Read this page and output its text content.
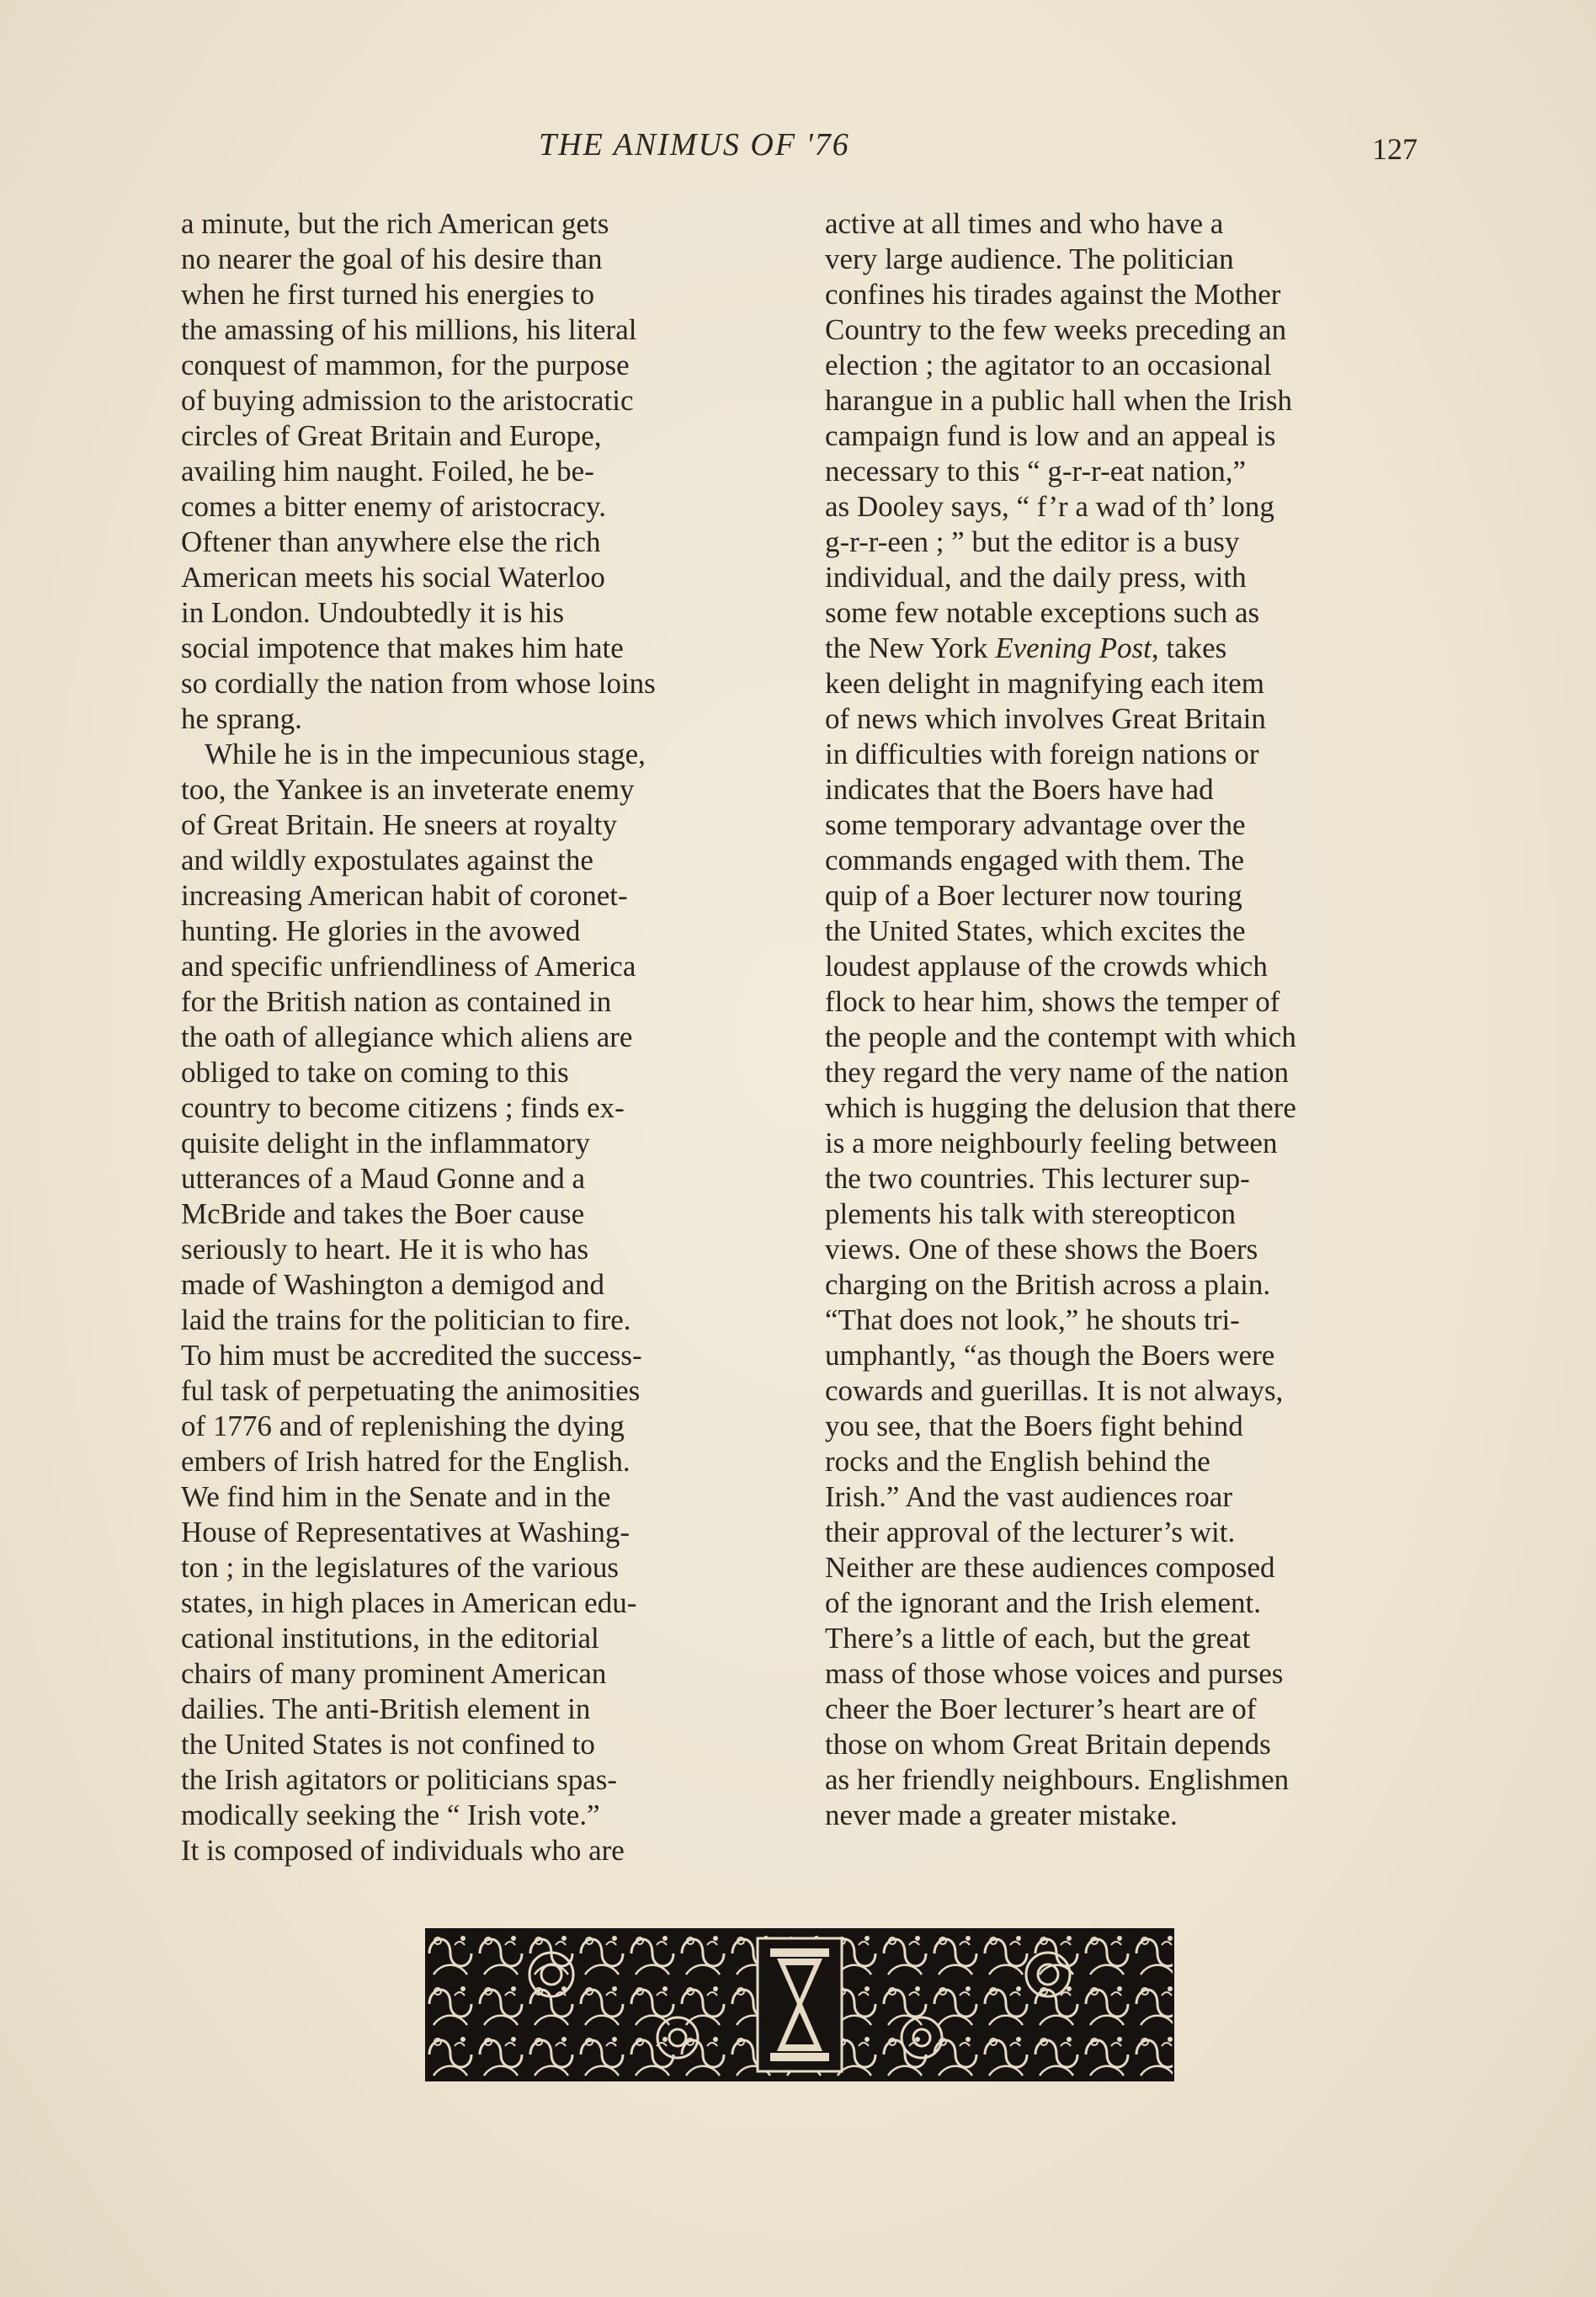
THE ANIMUS OF '76	127
a minute, but the rich American gets
no nearer the goal of his desire than
when he first turned his energies to
the amassing of his millions, his literal
conquest of mammon, for the purpose
of buying admission to the aristocratic
circles of Great Britain and Europe,
availing him naught. Foiled, he be-
comes a bitter enemy of aristocracy.
Oftener than anywhere else the rich
American meets his social Waterloo
in London. Undoubtedly it is his
social impotence that makes him hate
so cordially the nation from whose loins
he sprang.
While he is in the impecunious stage,
too, the Yankee is an inveterate enemy
of Great Britain. He sneers at royalty
and wildly expostulates against the
increasing American habit of coronet-
hunting. He glories in the avowed
and specific unfriendliness of America
for the British nation as contained in
the oath of allegiance which aliens are
obliged to take on coming to this
country to become citizens ; finds ex-
quisite delight in the inflammatory
utterances of a Maud Gonne and a
McBride and takes the Boer cause
seriously to heart. He it is who has
made of Washington a demigod and
laid the trains for the politician to fire.
To him must be accredited the success-
ful task of perpetuating the animosities
of 1776 and of replenishing the dying
embers of Irish hatred for the English.
We find him in the Senate and in the
House of Representatives at Washing-
ton ; in the legislatures of the various
states, in high places in American edu-
cational institutions, in the editorial
chairs of many prominent American
dailies. The anti-British element in
the United States is not confined to
the Irish agitators or politicians spas-
modically seeking the “ Irish vote.”
It is composed of individuals who are
active at all times and who have a
very large audience. The politician
confines his tirades against the Mother
Country to the few weeks preceding an
election ; the agitator to an occasional
harangue in a public hall when the Irish
campaign fund is low and an appeal is
necessary to this “ g-r-r-eat nation,”
as Dooley says, “ f’r a wad of th’ long
g-r-r-een ; ” but the editor is a busy
individual, and the daily press, with
some few notable exceptions such as
the New York Evening Post, takes
keen delight in magnifying each item
of news which involves Great Britain
in difficulties with foreign nations or
indicates that the Boers have had
some temporary advantage over the
commands engaged with them. The
quip of a Boer lecturer now touring
the United States, which excites the
loudest applause of the crowds which
flock to hear him, shows the temper of
the people and the contempt with which
they regard the very name of the nation
which is hugging the delusion that there
is a more neighbourly feeling between
the two countries. This lecturer sup-
plements his talk with stereopticon
views. One of these shows the Boers
charging on the British across a plain.
“That does not look,” he shouts tri-
umphantly, “as though the Boers were
cowards and guerillas. It is not always,
you see, that the Boers fight behind
rocks and the English behind the
Irish.” And the vast audiences roar
their approval of the lecturer’s wit.
Neither are these audiences composed
of the ignorant and the Irish element.
There’s a little of each, but the great
mass of those whose voices and purses
cheer the Boer lecturer’s heart are of
those on whom Great Britain depends
as her friendly neighbours. Englishmen
never made a greater mistake.
